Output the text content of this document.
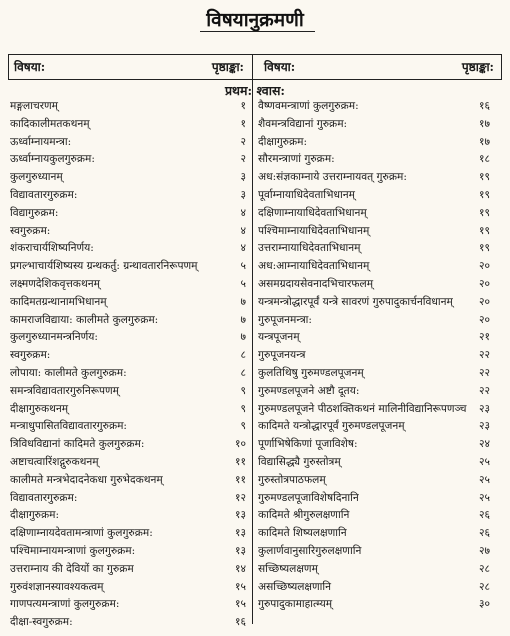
विषयानुक्रमणी
विषया:	पृष्ठाङ्का: विषया:	पृष्ठाङ्का:
प्रथम: श्वास:
मङ्गलाचरणम्	१
कादिकालीमतकथनम्	१
ऊर्ध्वाम्नायमन्त्रा:	२
ऊर्ध्वाम्नायकुलगुरुक्रम:	२
कुलगुरुध्यानम्	३
विद्यावतारगुरुक्रम:	३
विद्यागुरुक्रम:	४
स्वगुरुक्रम:	४
शंकराचार्यशिष्यनिर्णय:	४
प्रगल्भाचार्यशिष्यस्य ग्रन्थकर्तु: ग्रन्थावतारनिरूपणम्	५
लक्ष्मणदेशिकवृत्तकथनम्	५
कादिमतग्रन्थानामभिधानम्	७
कामराजविद्याया: कालीमते कुलगुरुक्रम:	७
कुलगुरुध्यानमन्त्रनिर्णय:	७
स्वगुरुक्रम:	८
लोपाया: कालीमते कुलगुरुक्रम:	८
समन्त्रविद्यावतारगुरुनिरूपणम्	९
दीक्षागुरुकथनम्	९
मन्त्राधुपासितविद्यावतारगुरुक्रम:	९
त्रिविधविद्यानां कादिमते कुलगुरुक्रम:	१०
अष्टाचत्वारिंशद्गुरुकथनम्	११
कालीमते मन्त्रभेदादनेकधा गुरुभेदकथनम्	११
विद्यावतारगुरुक्रम:	१२
दीक्षागुरुक्रम:	१३
दक्षिणाम्नायदेवतामन्त्राणां कुलगुरुक्रम:	१३
पश्चिमाम्नायमन्त्राणां कुलगुरुक्रम:	१३
उत्तराम्नाय की देवियों का गुरुक्रम	१४
गुरुवंशज्ञानस्यावश्यकत्वम्	१५
गाणपत्यमन्त्राणां कुलगुरुक्रम:	१५
दीक्षा-स्वगुरुक्रम:	१६
वैष्णवमन्त्राणां कुलगुरुक्रम:	१६
शैवमन्त्रविद्यानां गुरुक्रम:	१७
दीक्षागुरुक्रम:	१७
सौरमन्त्राणां गुरुक्रम:	१८
अध:संज्ञकाम्नाये उत्तराम्नायवत् गुरुक्रम:	१९
पूर्वाम्नायाधिदेवताभिधानम्	१९
दक्षिणाम्नायाधिदेवताभिधानम्	१९
पश्चिमाम्नायाधिदेवताभिधानम्	१९
उत्तराम्नायाधिदेवताभिधानम्	१९
अध:आम्नायाधिदेवताभिधानम्	२०
असमग्रदायसेवनादभिचारफलम्	२०
यन्त्रमन्त्रोद्धारपूर्वं यन्त्रे सावरणं गुरुपादुकार्चनविधानम् २०
गुरुपूजनमन्त्रा:	२०
यन्त्रपूजनम्	२१
गुरुपूजनयन्त्र	२२
कुलतिथिषु गुरुमण्डलपूजनम्	२२
गुरुमण्डलपूजने अष्टौ दूतय:	२२
गुरुमण्डलपूजने पीठशक्तिकथनं मालिनीविद्यानिरूपणञ्च २३
कादिमते यन्त्रोद्धारपूर्वं गुरुमण्डलपूजनम्	२३
पूर्णाभिषेकिणां पूजाविशेष:	२४
विद्यासिद्ध्यै गुरुस्तोत्रम्	२५
गुरुस्तोत्रपाठफलम्	२५
गुरुमण्डलपूजाविशेषदिनानि	२५
कादिमते श्रीगुरुलक्षणानि	२६
कादिमते शिष्यलक्षणानि	२६
कुलार्णवानुसारिगुरुलक्षणानि	२७
सच्छिष्यलक्षणम्	२८
असच्छिष्यलक्षणानि	२८
गुरुपादुकामाहात्म्यम्	३०
